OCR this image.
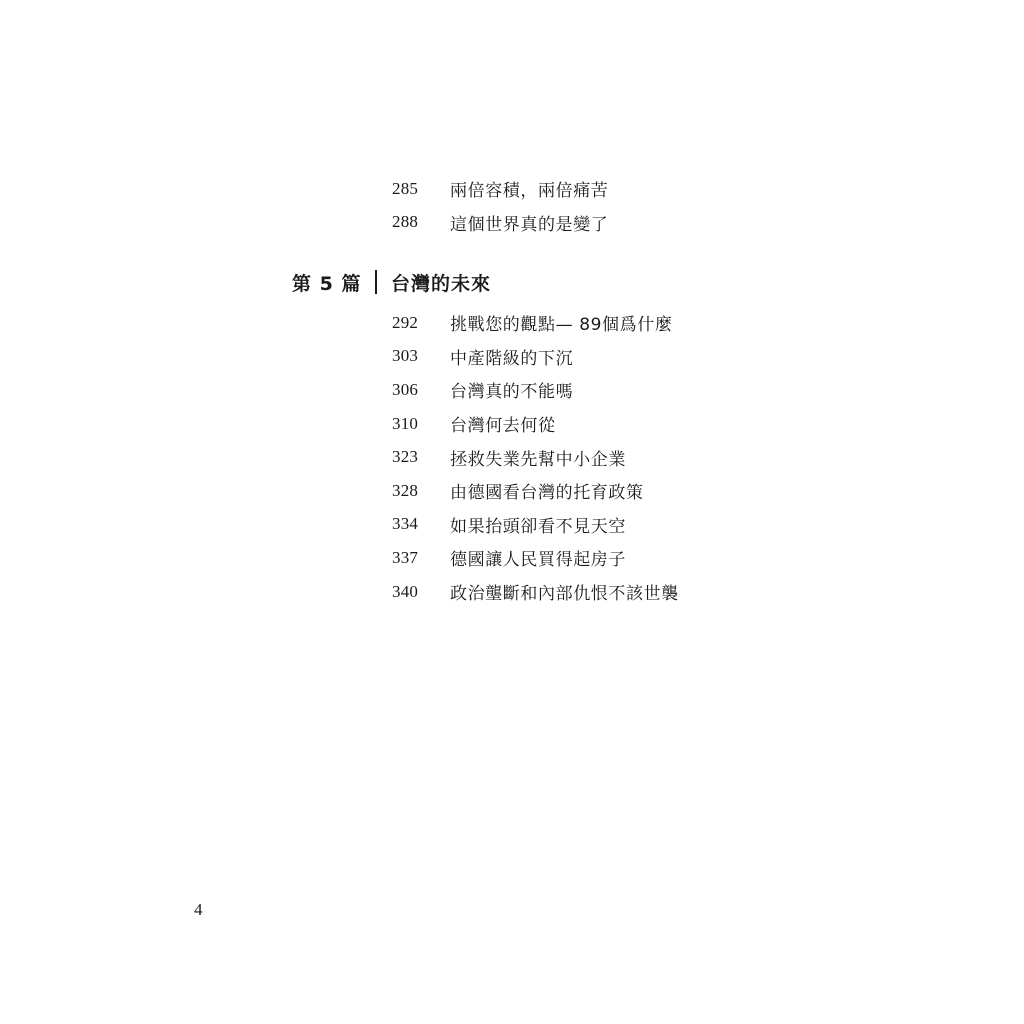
285	兩倍容積，兩倍痛苦
288	這個世界真的是變了
第 5 篇 台灣的未來
292	挑戰您的觀點— 89個爲什麼
303	中產階級的下沉
306	台灣真的不能嗎
310	台灣何去何從
323	拯救失業先幫中小企業
328	由德國看台灣的托育政策
334	如果抬頭卻看不見天空
337	德國讓人民買得起房子
340	政治壟斷和內部仇恨不該世襲
4
